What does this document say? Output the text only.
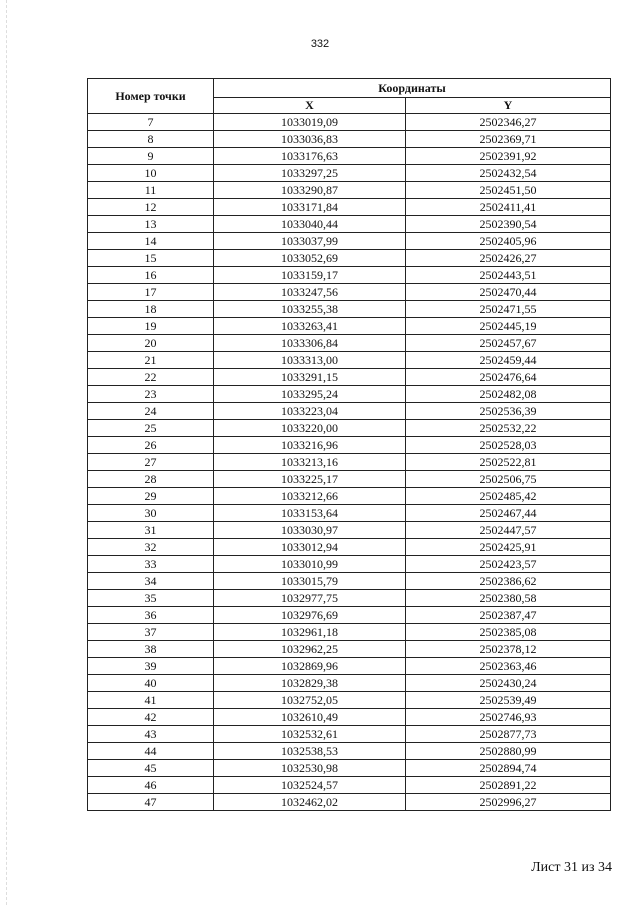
332
Номер точки	Координаты	
	X	Y
7	1033019,09	2502346,27
8	1033036,83	2502369,71
9	1033176,63	2502391,92
10	1033297,25	2502432,54
11	1033290,87	2502451,50
12	1033171,84	2502411,41
13	1033040,44	2502390,54
14	1033037,99	2502405,96
15	1033052,69	2502426,27
16	1033159,17	2502443,51
17	1033247,56	2502470,44
18	1033255,38	2502471,55
19	1033263,41	2502445,19
20	1033306,84	2502457,67
21	1033313,00	2502459,44
22	1033291,15	2502476,64
23	1033295,24	2502482,08
24	1033223,04	2502536,39
25	1033220,00	2502532,22
26	1033216,96	2502528,03
27	1033213,16	2502522,81
28	1033225,17	2502506,75
29	1033212,66	2502485,42
30	1033153,64	2502467,44
31	1033030,97	2502447,57
32	1033012,94	2502425,91
33	1033010,99	2502423,57
34	1033015,79	2502386,62
35	1032977,75	2502380,58
36	1032976,69	2502387,47
37	1032961,18	2502385,08
38	1032962,25	2502378,12
39	1032869,96	2502363,46
40	1032829,38	2502430,24
41	1032752,05	2502539,49
42	1032610,49	2502746,93
43	1032532,61	2502877,73
44	1032538,53	2502880,99
45	1032530,98	2502894,74
46	1032524,57	2502891,22
47	1032462,02	2502996,27
Лист 31 из 34
